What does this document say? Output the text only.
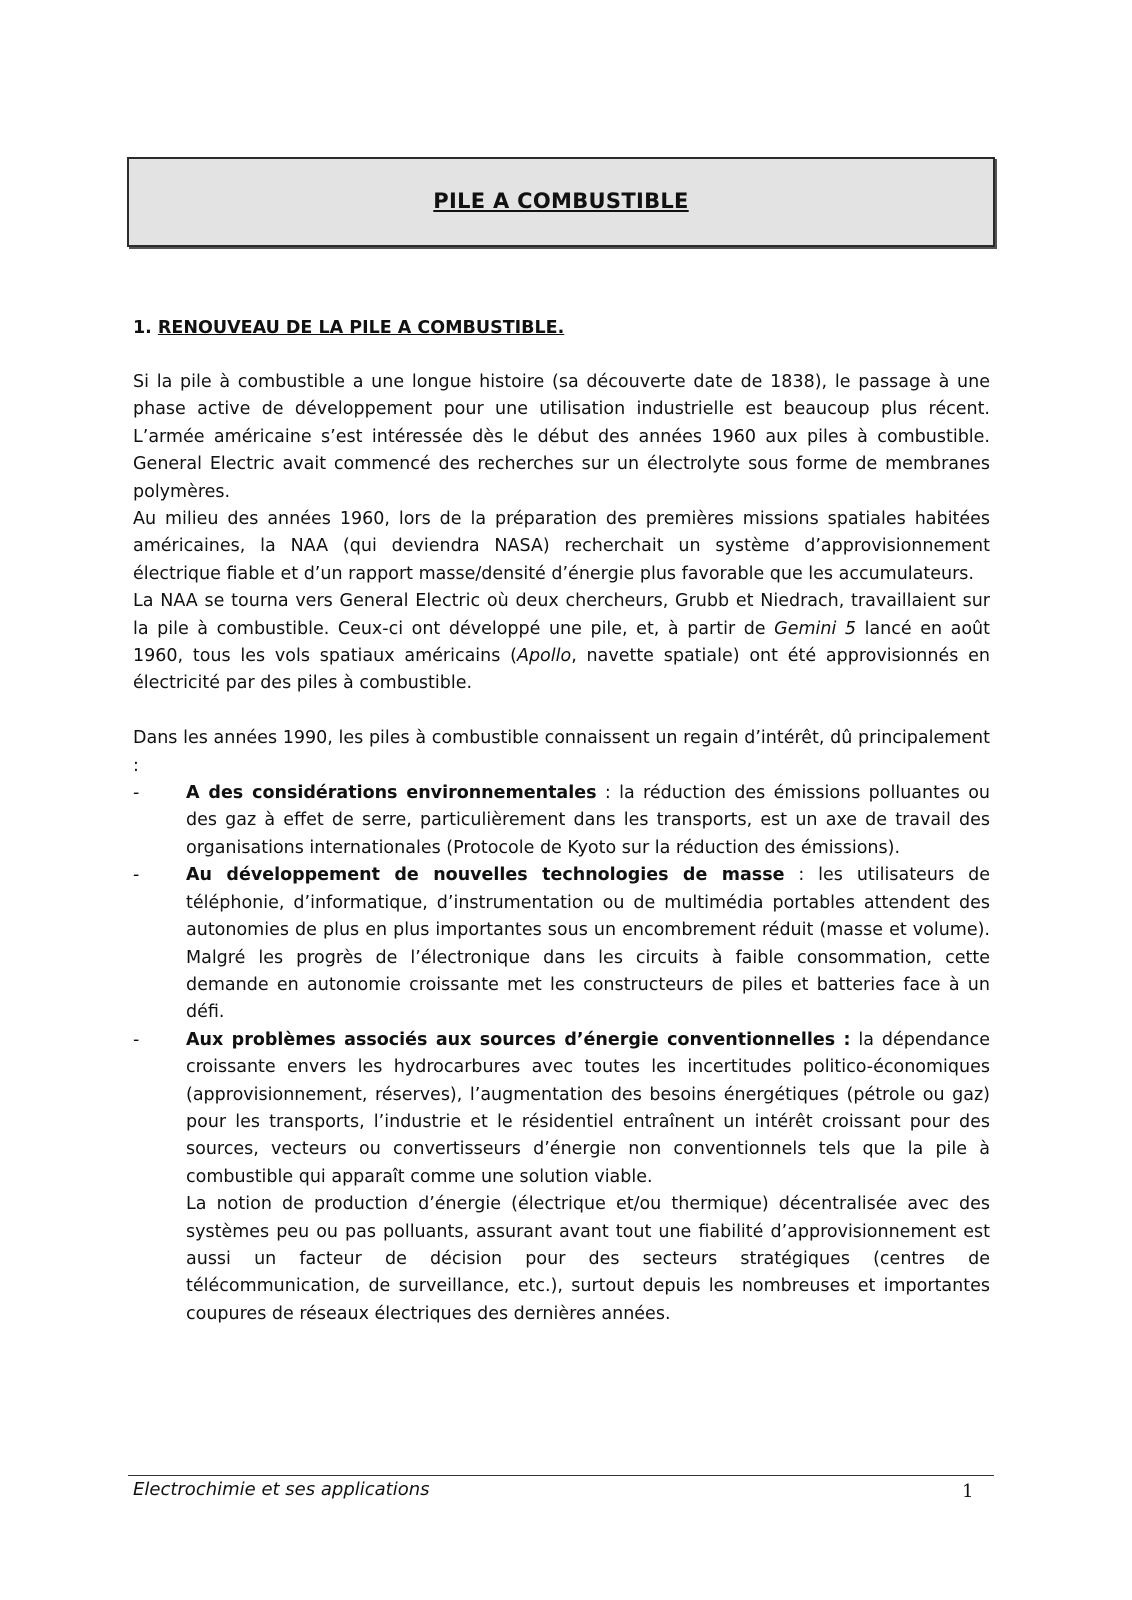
PILE A COMBUSTIBLE
1. RENOUVEAU DE LA PILE A COMBUSTIBLE.

Si la pile à combustible a une longue histoire (sa découverte date de 1838), le passage à une phase active de développement pour une utilisation industrielle est beaucoup plus récent. L’armée américaine s’est intéressée dès le début des années 1960 aux piles à combustible. General Electric avait commencé des recherches sur un électrolyte sous forme de membranes polymères.

Au milieu des années 1960, lors de la préparation des premières missions spatiales habitées américaines, la NAA (qui deviendra NASA) recherchait un système d’approvisionnement électrique fiable et d’un rapport masse/densité d’énergie plus favorable que les accumulateurs.

La NAA se tourna vers General Electric où deux chercheurs, Grubb et Niedrach, travaillaient sur la pile à combustible. Ceux-ci ont développé une pile, et, à partir de Gemini 5 lancé en août 1960, tous les vols spatiaux américains (Apollo, navette spatiale) ont été approvisionnés en électricité par des piles à combustible.

Dans les années 1990, les piles à combustible connaissent un regain d’intérêt, dû principalement :

-	A des considérations environnementales : la réduction des émissions polluantes ou des gaz à effet de serre, particulièrement dans les transports, est un axe de travail des organisations internationales (Protocole de Kyoto sur la réduction des émissions).

-	Au développement de nouvelles technologies de masse : les utilisateurs de téléphonie, d’informatique, d’instrumentation ou de multimédia portables attendent des autonomies de plus en plus importantes sous un encombrement réduit (masse et volume). Malgré les progrès de l’électronique dans les circuits à faible consommation, cette demande en autonomie croissante met les constructeurs de piles et batteries face à un défi.

-	Aux problèmes associés aux sources d’énergie conventionnelles : la dépendance croissante envers les hydrocarbures avec toutes les incertitudes politico-économiques (approvisionnement, réserves), l’augmentation des besoins énergétiques (pétrole ou gaz) pour les transports, l’industrie et le résidentiel entraînent un intérêt croissant pour des sources, vecteurs ou convertisseurs d’énergie non conventionnels tels que la pile à combustible qui apparaît comme une solution viable.

La notion de production d’énergie (électrique et/ou thermique) décentralisée avec des systèmes peu ou pas polluants, assurant avant tout une fiabilité d’approvisionnement est aussi un facteur de décision pour des secteurs stratégiques (centres de télécommunication, de surveillance, etc.), surtout depuis les nombreuses et importantes coupures de réseaux électriques des dernières années.

Electrochimie et ses applications	1
